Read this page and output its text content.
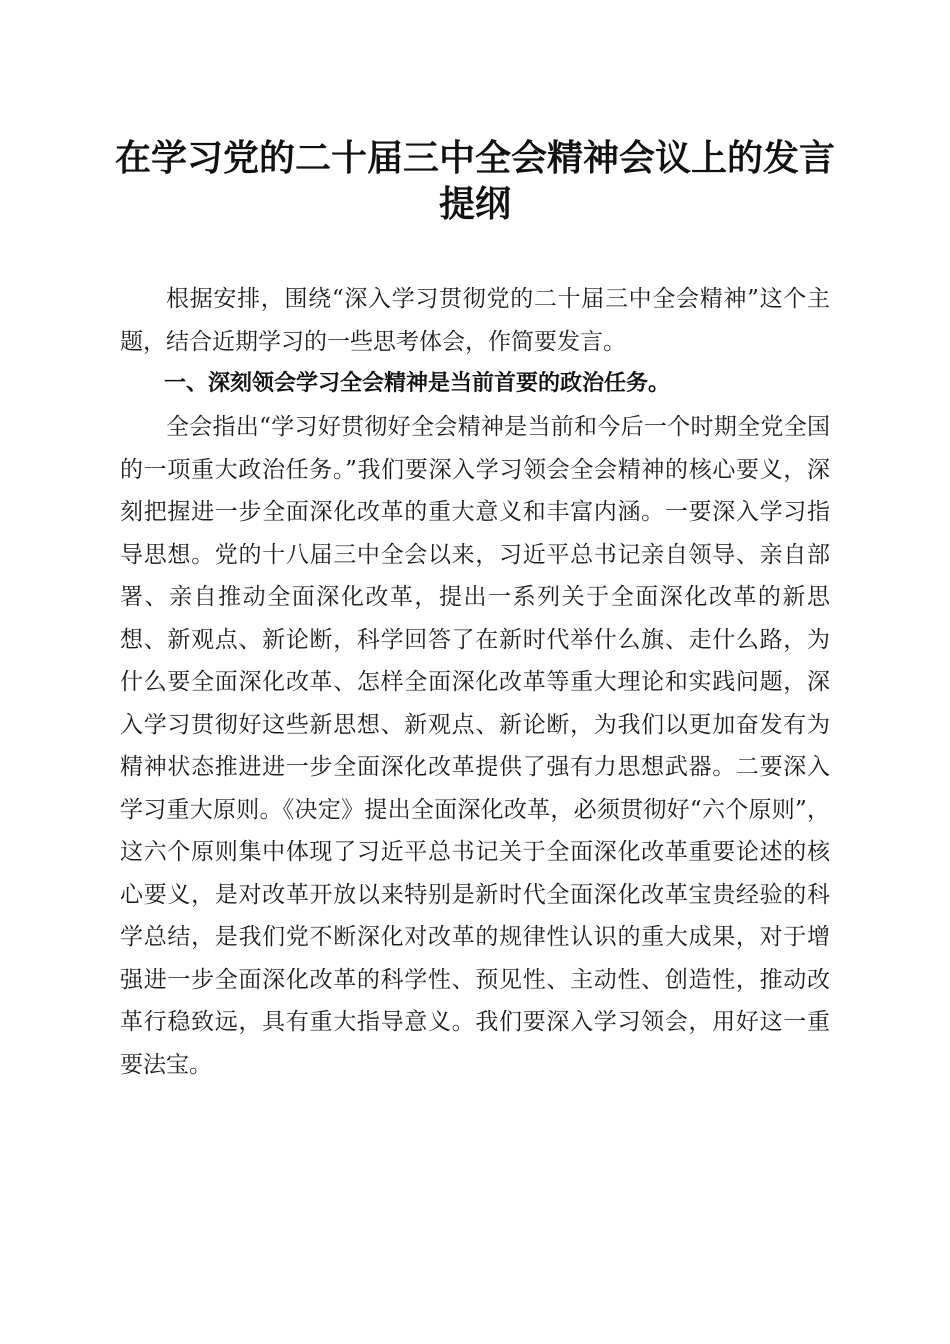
在学习党的二十届三中全会精神会议上的发言
提纲
根据安排，围绕“深入学习贯彻党的二十届三中全会精神”这个主题，结合近期学习的一些思考体会，作简要发言。
一、深刻领会学习全会精神是当前首要的政治任务。
全会指出“学习好贯彻好全会精神是当前和今后一个时期全党全国的一项重大政治任务。”我们要深入学习领会全会精神的核心要义，深刻把握进一步全面深化改革的重大意义和丰富内涵。一要深入学习指导思想。党的十八届三中全会以来，习近平总书记亲自领导、亲自部署、亲自推动全面深化改革，提出一系列关于全面深化改革的新思想、新观点、新论断，科学回答了在新时代举什么旗、走什么路，为什么要全面深化改革、怎样全面深化改革等重大理论和实践问题，深入学习贯彻好这些新思想、新观点、新论断，为我们以更加奋发有为精神状态推进进一步全面深化改革提供了强有力思想武器。二要深入学习重大原则。《决定》提出全面深化改革，必须贯彻好“六个原则”，这六个原则集中体现了习近平总书记关于全面深化改革重要论述的核心要义，是对改革开放以来特别是新时代全面深化改革宝贵经验的科学总结，是我们党不断深化对改革的规律性认识的重大成果，对于增强进一步全面深化改革的科学性、预见性、主动性、创造性，推动改革行稳致远，具有重大指导意义。我们要深入学习领会，用好这一重要法宝。
